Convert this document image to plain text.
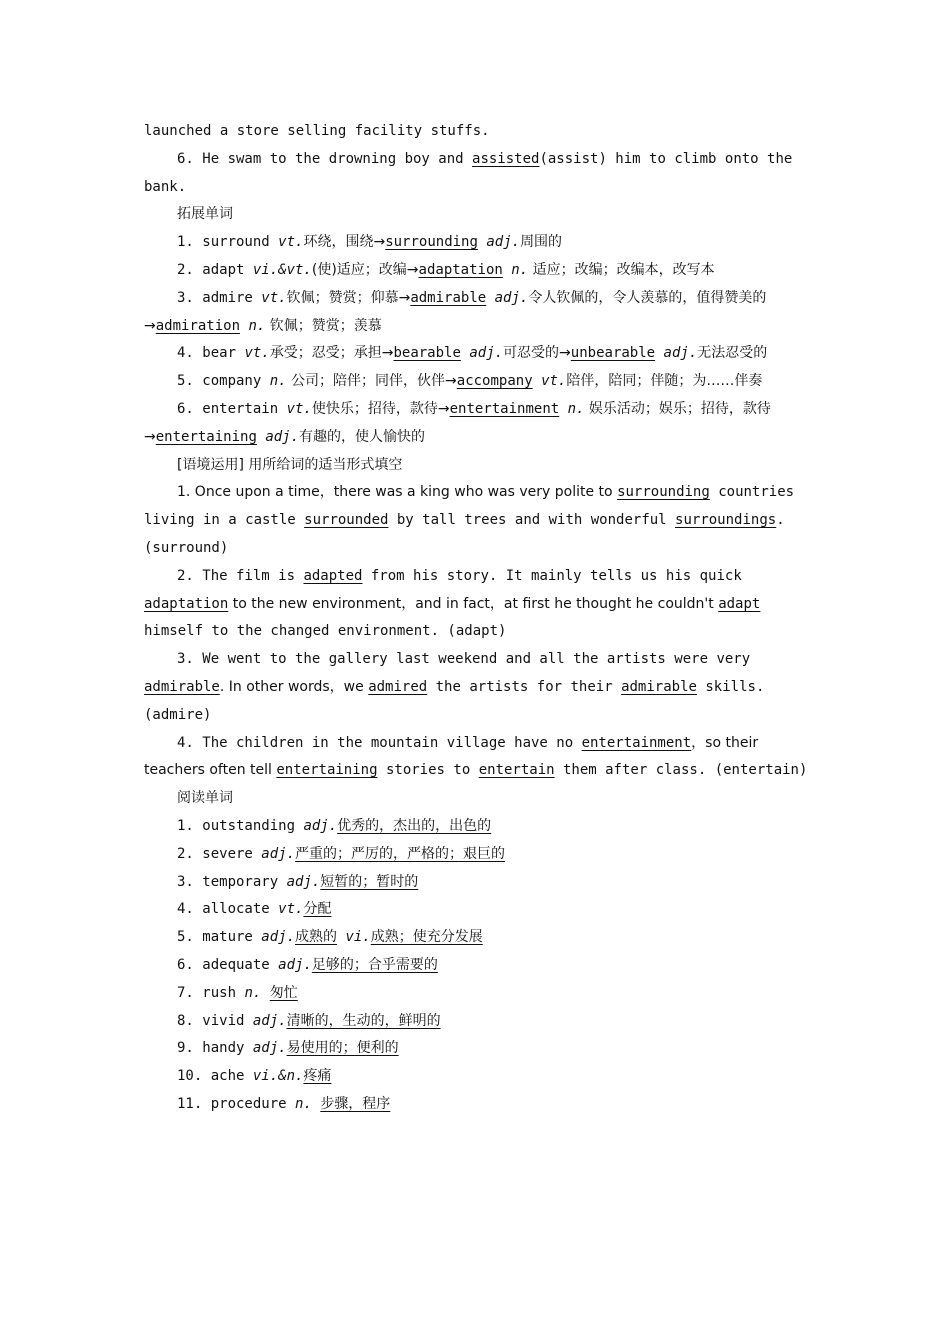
launched a store selling facility stuffs.

6. He swam to the drowning boy and assisted(assist) him to climb onto the bank.

拓展单词

1. surround vt.环绕，围绕→surrounding adj.周围的

2. adapt vi.&vt.(使)适应；改编→adaptation n. 适应；改编；改编本，改写本

3. admire vt.钦佩；赞赏；仰慕→admirable adj.令人钦佩的，令人羡慕的，值得赞美的→admiration n. 钦佩；赞赏；羡慕

4. bear vt.承受；忍受；承担→bearable adj.可忍受的→unbearable adj.无法忍受的

5. company n. 公司；陪伴；同伴，伙伴→accompany vt.陪伴，陪同；伴随；为……伴奏

6. entertain vt.使快乐；招待，款待→entertainment n. 娱乐活动；娱乐；招待，款待→entertaining adj.有趣的，使人愉快的

[语境运用] 用所给词的适当形式填空

1. Once upon a time，there was a king who was very polite to surrounding countries living in a castle surrounded by tall trees and with wonderful surroundings. (surround)

2. The film is adapted from his story. It mainly tells us his quick adaptation to the new environment，and in fact，at first he thought he couldn't adapt himself to the changed environment. (adapt)

3. We went to the gallery last weekend and all the artists were very admirable. In other words，we admired the artists for their admirable skills. (admire)

4. The children in the mountain village have no entertainment，so their teachers often tell entertaining stories to entertain them after class. (entertain)

阅读单词

1. outstanding adj.优秀的，杰出的，出色的

2. severe adj.严重的；严厉的，严格的；艰巨的

3. temporary adj.短暂的；暂时的

4. allocate vt.分配

5. mature adj.成熟的 vi.成熟；使充分发展

6. adequate adj.足够的；合乎需要的

7. rush n. 匆忙

8. vivid adj.清晰的，生动的，鲜明的

9. handy adj.易使用的；便利的

10. ache vi.&n.疼痛

11. procedure n. 步骤，程序
